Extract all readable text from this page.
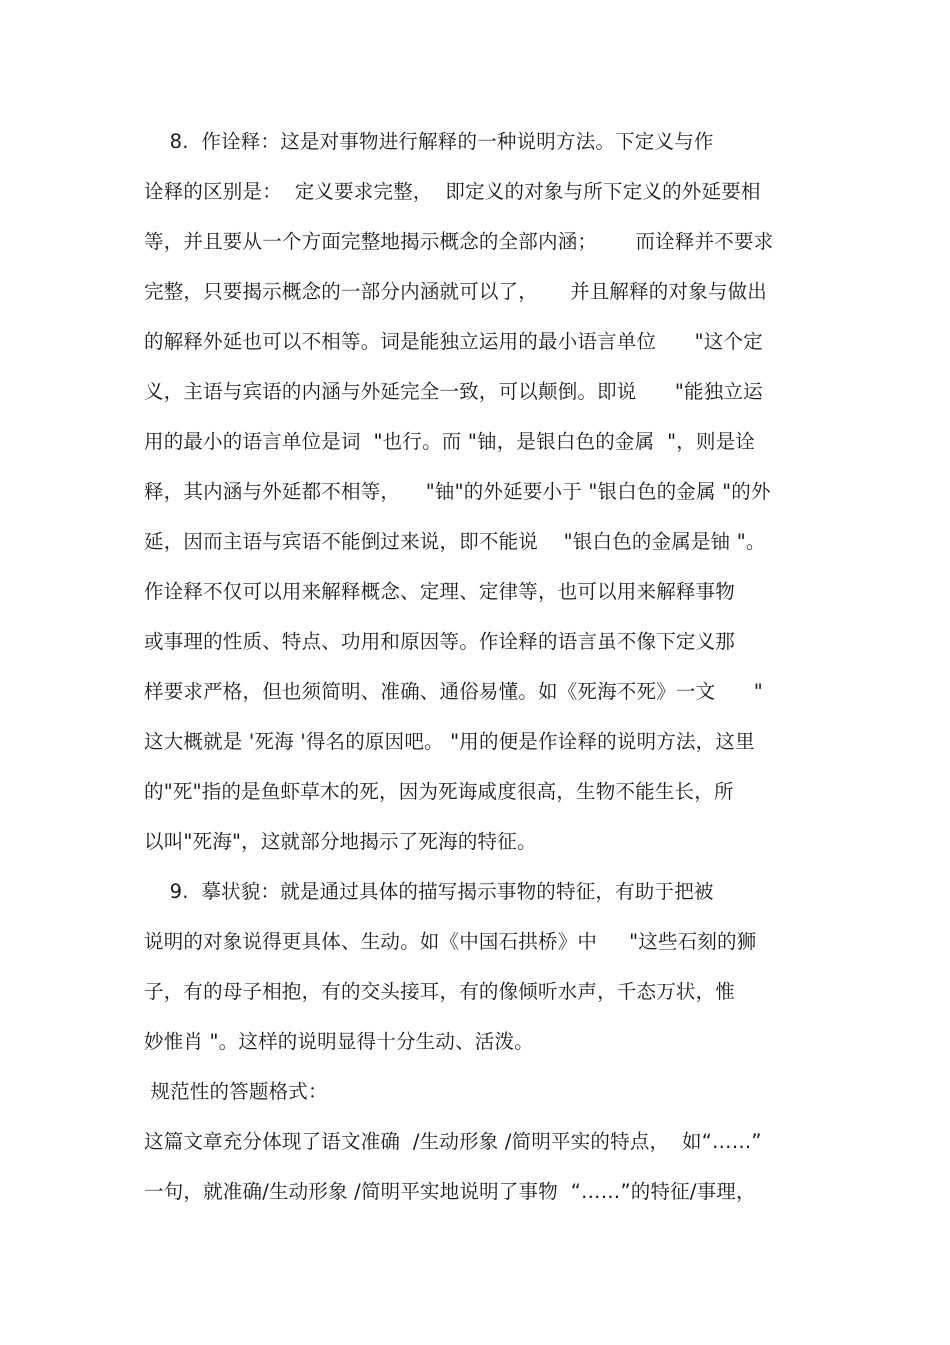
8.  作诠释：这是对事物进行解释的一种说明方法。下定义与作
诠释的区别是：  定义要求完整，  即定义的对象与所下定义的外延要相
等，并且要从一个方面完整地揭示概念的全部内涵；      而诠释并不要求
完整，只要揭示概念的一部分内涵就可以了，     并且解释的对象与做出
的解释外延也可以不相等。词是能独立运用的最小语言单位      "这个定
义，主语与宾语的内涵与外延完全一致，可以颠倒。即说      "能独立运
用的最小的语言单位是词  "也行。而 "铀，是银白色的金属  "，则是诠
释，其内涵与外延都不相等，    "铀"的外延要小于 "银白色的金属 "的外
延，因而主语与宾语不能倒过来说，即不能说    "银白色的金属是铀 "。
作诠释不仅可以用来解释概念、定理、定律等，也可以用来解释事物
或事理的性质、特点、功用和原因等。作诠释的语言虽不像下定义那
样要求严格，但也须简明、准确、通俗易懂。如《死海不死》一文      "
这大概就是 '死海 '得名的原因吧。 "用的便是作诠释的说明方法，这里
的"死"指的是鱼虾草木的死，因为死诲咸度很高，生物不能生长，所
以叫"死海"，这就部分地揭示了死海的特征。
9.  摹状貌：就是通过具体的描写揭示事物的特征，有助于把被
说明的对象说得更具体、生动。如《中国石拱桥》中     "这些石刻的狮
子，有的母子相抱，有的交头接耳，有的像倾听水声，千态万状，惟
妙惟肖 "。这样的说明显得十分生动、活泼。
规范性的答题格式：
这篇文章充分体现了语文准确  /生动形象 /简明平实的特点，  如“……”
一句，就准确/生动形象 /简明平实地说明了事物  “……”的特征/事理，
